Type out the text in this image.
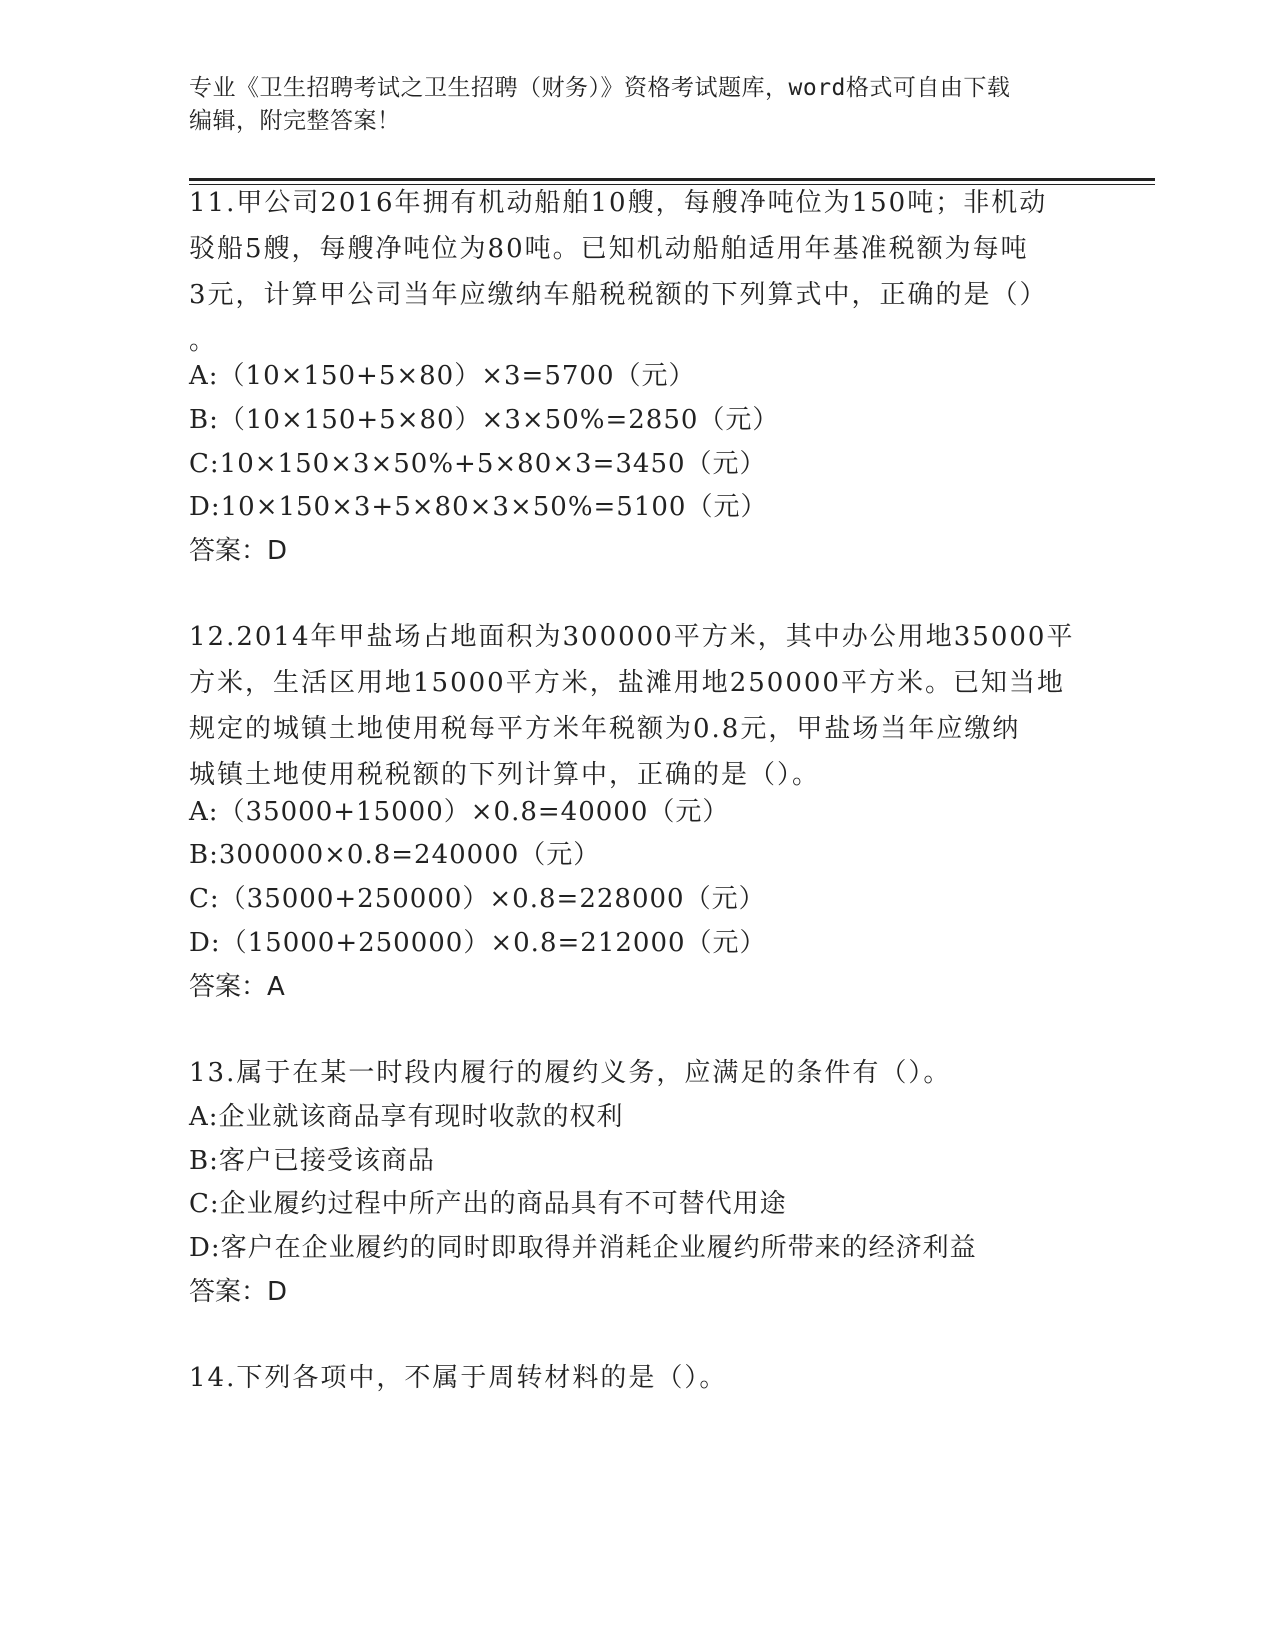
专业《卫生招聘考试之卫生招聘（财务）》资格考试题库，word格式可自由下载
编辑，附完整答案！
11.甲公司2016年拥有机动船舶10艘，每艘净吨位为150吨；非机动
驳船5艘，每艘净吨位为80吨。已知机动船舶适用年基准税额为每吨
3元，计算甲公司当年应缴纳车船税税额的下列算式中，正确的是（）
。
A:（10×150+5×80）×3=5700（元）
B:（10×150+5×80）×3×50%=2850（元）
C:10×150×3×50%+5×80×3=3450（元）
D:10×150×3+5×80×3×50%=5100（元）
答案：D
12.2014年甲盐场占地面积为300000平方米，其中办公用地35000平
方米，生活区用地15000平方米，盐滩用地250000平方米。已知当地
规定的城镇土地使用税每平方米年税额为0.8元，甲盐场当年应缴纳
城镇土地使用税税额的下列计算中，正确的是（）。
A:（35000+15000）×0.8=40000（元）
B:300000×0.8=240000（元）
C:（35000+250000）×0.8=228000（元）
D:（15000+250000）×0.8=212000（元）
答案：A
13.属于在某一时段内履行的履约义务，应满足的条件有（）。
A:企业就该商品享有现时收款的权利
B:客户已接受该商品
C:企业履约过程中所产出的商品具有不可替代用途
D:客户在企业履约的同时即取得并消耗企业履约所带来的经济利益
答案：D
14.下列各项中，不属于周转材料的是（）。
